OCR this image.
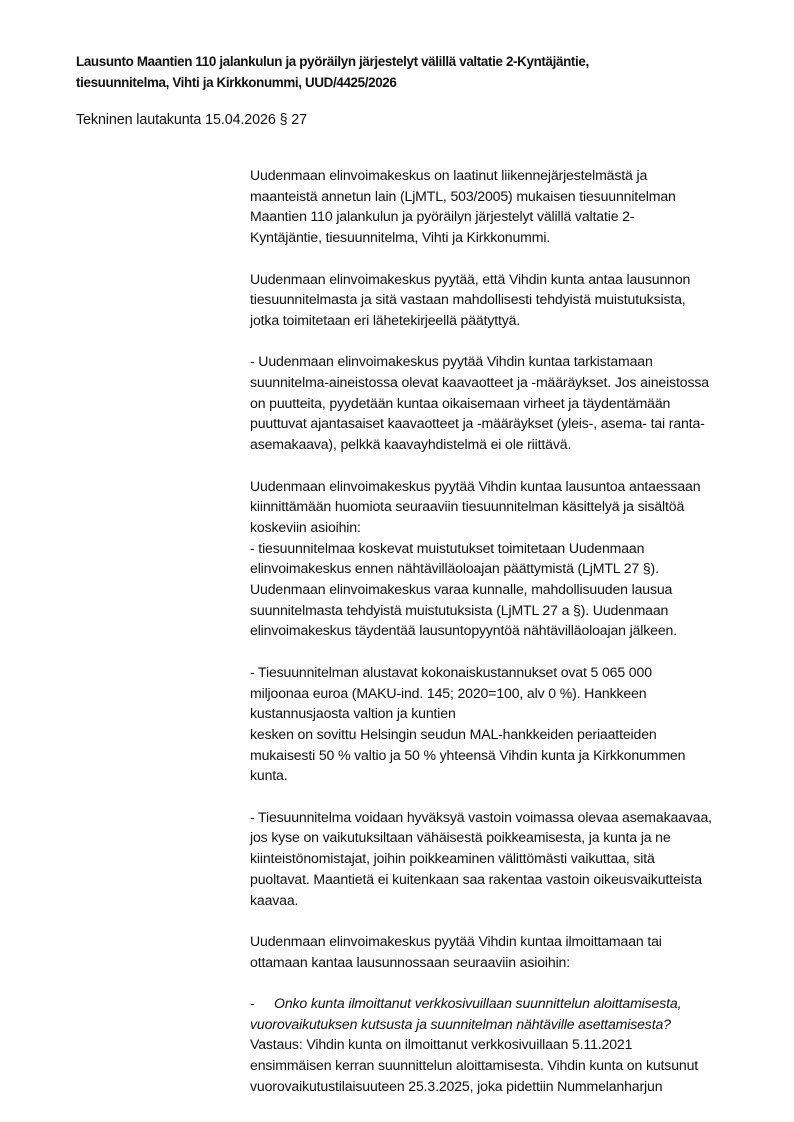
Lausunto Maantien 110 jalankulun ja pyöräilyn järjestelyt välillä valtatie 2-Kyntäjäntie,
tiesuunnitelma, Vihti ja Kirkkonummi, UUD/4425/2026
Tekninen lautakunta 15.04.2026 § 27

Uudenmaan elinvoimakeskus on laatinut liikennejärjestelmästä ja
maanteistä annetun lain (LjMTL, 503/2005) mukaisen tiesuunnitelman
Maantien 110 jalankulun ja pyöräilyn järjestelyt välillä valtatie 2-
Kyntäjäntie, tiesuunnitelma, Vihti ja Kirkkonummi.

Uudenmaan elinvoimakeskus pyytää, että Vihdin kunta antaa lausunnon
tiesuunnitelmasta ja sitä vastaan mahdollisesti tehdyistä muistutuksista,
jotka toimitetaan eri lähetekirjeellä päätyttyä.

- Uudenmaan elinvoimakeskus pyytää Vihdin kuntaa tarkistamaan
suunnitelma-aineistossa olevat kaavaotteet ja -määräykset. Jos aineistossa
on puutteita, pyydetään kuntaa oikaisemaan virheet ja täydentämään
puuttuvat ajantasaiset kaavaotteet ja -määräykset (yleis-, asema- tai ranta-
asemakaava), pelkkä kaavayhdistelmä ei ole riittävä.

Uudenmaan elinvoimakeskus pyytää Vihdin kuntaa lausuntoa antaessaan
kiinnittämään huomiota seuraaviin tiesuunnitelman käsittelyä ja sisältöä
koskeviin asioihin:
- tiesuunnitelmaa koskevat muistutukset toimitetaan Uudenmaan
elinvoimakeskus ennen nähtävilläoloajan päättymistä (LjMTL 27 §).
Uudenmaan elinvoimakeskus varaa kunnalle, mahdollisuuden lausua
suunnitelmasta tehdyistä muistutuksista (LjMTL 27 a §). Uudenmaan
elinvoimakeskus täydentää lausuntopyyntöä nähtävilläoloajan jälkeen.

- Tiesuunnitelman alustavat kokonaiskustannukset ovat 5 065 000
miljoonaa euroa (MAKU-ind. 145; 2020=100, alv 0 %). Hankkeen
kustannusjaosta valtion ja kuntien
kesken on sovittu Helsingin seudun MAL-hankkeiden periaatteiden
mukaisesti 50 % valtio ja 50 % yhteensä Vihdin kunta ja Kirkkonummen
kunta.

- Tiesuunnitelma voidaan hyväksyä vastoin voimassa olevaa asemakaavaa,
jos kyse on vaikutuksiltaan vähäisestä poikkeamisesta, ja kunta ja ne
kiinteistönomistajat, joihin poikkeaminen välittömästi vaikuttaa, sitä
puoltavat. Maantietä ei kuitenkaan saa rakentaa vastoin oikeusvaikutteista
kaavaa.

Uudenmaan elinvoimakeskus pyytää Vihdin kuntaa ilmoittamaan tai
ottamaan kantaa lausunnossaan seuraaviin asioihin:

- Onko kunta ilmoittanut verkkosivuillaan suunnittelun aloittamisesta,
vuorovaikutuksen kutsusta ja suunnitelman nähtäville asettamisesta?
Vastaus: Vihdin kunta on ilmoittanut verkkosivuillaan 5.11.2021
ensimmäisen kerran suunnittelun aloittamisesta. Vihdin kunta on kutsunut
vuorovaikutustilaisuuteen 25.3.2025, joka pidettiin Nummelanharjun
